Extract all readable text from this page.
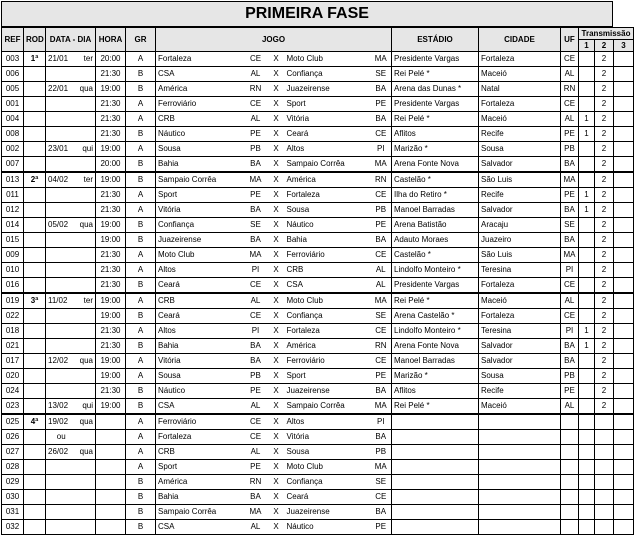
PRIMEIRA FASE
REF	ROD	DATA - DIA		HORA	GR	JOGO					ESTÁDIO	CIDADE	UF	Transmissão		
														1	2	3
003	1ª	21/01	ter	20:00	A	Fortaleza	CE	X	Moto Club	MA	Presidente Vargas	Fortaleza	CE		2	
006				21:30	B	CSA	AL	X	Confiança	SE	Rei Pelé *	Maceió	AL		2	
005		22/01	qua	19:00	B	América	RN	X	Juazeirense	BA	Arena das Dunas *	Natal	RN		2	
001				21:30	A	Ferroviário	CE	X	Sport	PE	Presidente Vargas	Fortaleza	CE		2	
004				21:30	A	CRB	AL	X	Vitória	BA	Rei Pelé *	Maceió	AL	1	2	
008				21:30	B	Náutico	PE	X	Ceará	CE	Aflitos	Recife	PE	1	2	
002		23/01	qui	19:00	A	Sousa	PB	X	Altos	PI	Marizão *	Sousa	PB		2	
007				20:00	B	Bahia	BA	X	Sampaio Corrêa	MA	Arena Fonte Nova	Salvador	BA		2	
013	2ª	04/02	ter	19:00	B	Sampaio Corrêa	MA	X	América	RN	Castelão *	São Luis	MA		2	
011				21:30	A	Sport	PE	X	Fortaleza	CE	Ilha do Retiro *	Recife	PE	1	2	
012				21:30	A	Vitória	BA	X	Sousa	PB	Manoel Barradas	Salvador	BA	1	2	
014		05/02	qua	19:00	B	Confiança	SE	X	Náutico	PE	Arena Batistão	Aracaju	SE		2	
015				19:00	B	Juazeirense	BA	X	Bahia	BA	Adauto Moraes	Juazeiro	BA		2	
009				21:30	A	Moto Club	MA	X	Ferroviário	CE	Castelão *	São Luis	MA		2	
010				21:30	A	Altos	PI	X	CRB	AL	Lindolfo Monteiro *	Teresina	PI		2	
016				21:30	B	Ceará	CE	X	CSA	AL	Presidente Vargas	Fortaleza	CE		2	
019	3ª	11/02	ter	19:00	A	CRB	AL	X	Moto Club	MA	Rei Pelé *	Maceió	AL		2	
022				19:00	B	Ceará	CE	X	Confiança	SE	Arena Castelão *	Fortaleza	CE		2	
018				21:30	A	Altos	PI	X	Fortaleza	CE	Lindolfo Monteiro *	Teresina	PI	1	2	
021				21:30	B	Bahia	BA	X	América	RN	Arena Fonte Nova	Salvador	BA	1	2	
017		12/02	qua	19:00	A	Vitória	BA	X	Ferroviário	CE	Manoel Barradas	Salvador	BA		2	
020				19:00	A	Sousa	PB	X	Sport	PE	Marizão *	Sousa	PB		2	
024				21:30	B	Náutico	PE	X	Juazeirense	BA	Aflitos	Recife	PE		2	
023		13/02	qui	19:00	B	CSA	AL	X	Sampaio Corrêa	MA	Rei Pelé *	Maceió	AL		2	
025	4ª	19/02	qua		A	Ferroviário	CE	X	Altos	PI						
026		ou			A	Fortaleza	CE	X	Vitória	BA						
027		26/02	qua		A	CRB	AL	X	Sousa	PB						
028					A	Sport	PE	X	Moto Club	MA						
029					B	América	RN	X	Confiança	SE						
030					B	Bahia	BA	X	Ceará	CE						
031					B	Sampaio Corrêa	MA	X	Juazeirense	BA						
032					B	CSA	AL	X	Náutico	PE						
